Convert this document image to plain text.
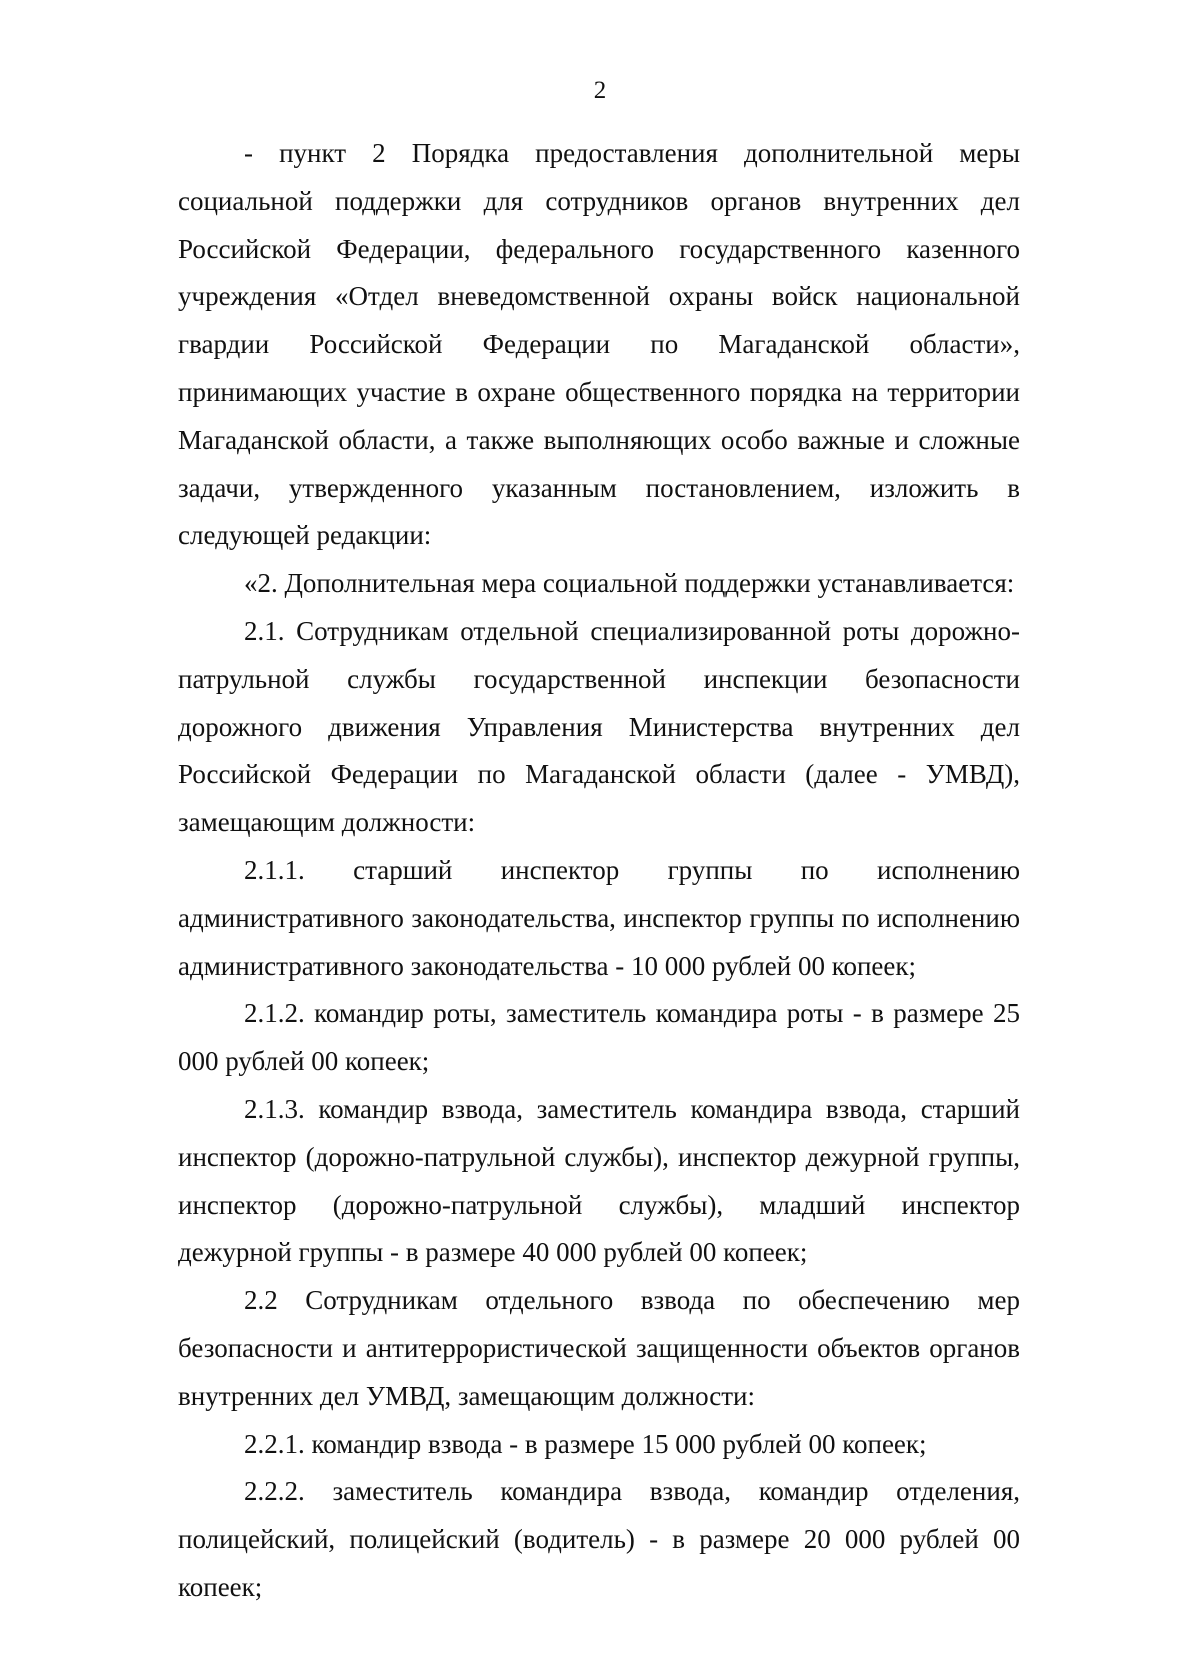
2

- пункт 2 Порядка предоставления дополнительной меры социальной поддержки для сотрудников органов внутренних дел Российской Федерации, федерального государственного казенного учреждения «Отдел вневедомственной охраны войск национальной гвардии Российской Федерации по Магаданской области», принимающих участие в охране общественного порядка на территории Магаданской области, а также выполняющих особо важные и сложные задачи, утвержденного указанным постановлением, изложить в следующей редакции:

«2. Дополнительная мера социальной поддержки устанавливается:

2.1. Сотрудникам отдельной специализированной роты дорожно-патрульной службы государственной инспекции безопасности дорожного движения Управления Министерства внутренних дел Российской Федерации по Магаданской области (далее - УМВД), замещающим должности:

2.1.1. старший инспектор группы по исполнению административного законодательства, инспектор группы по исполнению административного законодательства - 10 000 рублей 00 копеек;

2.1.2. командир роты, заместитель командира роты - в размере 25 000 рублей 00 копеек;

2.1.3. командир взвода, заместитель командира взвода, старший инспектор (дорожно-патрульной службы), инспектор дежурной группы, инспектор (дорожно-патрульной службы), младший инспектор дежурной группы - в размере 40 000 рублей 00 копеек;

2.2 Сотрудникам отдельного взвода по обеспечению мер безопасности и антитеррористической защищенности объектов органов внутренних дел УМВД, замещающим должности:

2.2.1. командир взвода - в размере 15 000 рублей 00 копеек;

2.2.2. заместитель командира взвода, командир отделения, полицейский, полицейский (водитель) - в размере 20 000 рублей 00 копеек;
